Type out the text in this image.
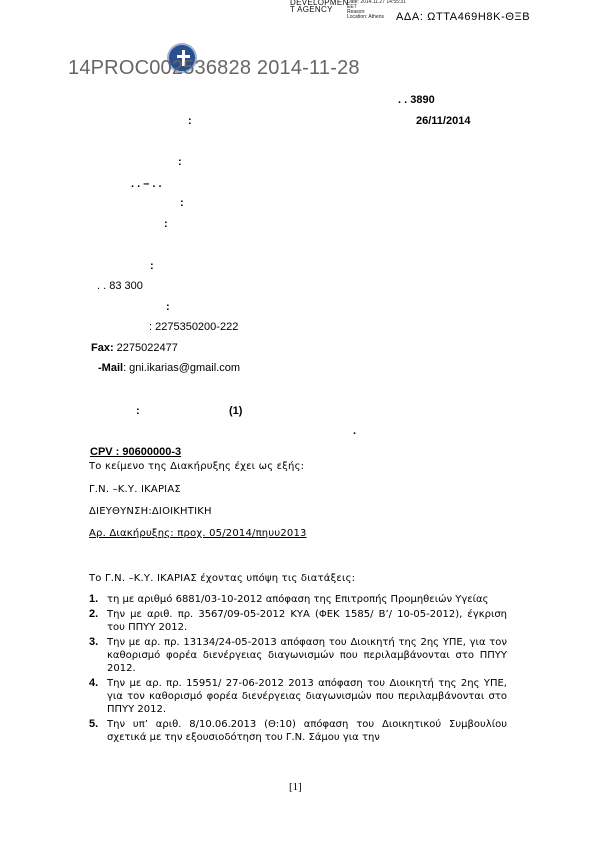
DEVELOPMEN
T AGENCY
Date: 2014.11.27 14:55:31
EET
Reason:
Location: Athens ΑΔΑ: ΩΤΤΑ469Η8Κ-ΘΞΒ
14PROC002536828 2014-11-28
. . 3890
:	26/11/2014
:
. . – . .
:
:
:
. . 83 300
:
: 2275350200-222
Fax: 2275022477
-Mail: gni.ikarias@gmail.com
:	(1)
.
CPV : 90600000-3
Το κείμενο της Διακήρυξης έχει ως εξής:
Γ.Ν. –Κ.Υ. ΙΚΑΡΙΑΣ
ΔΙΕΥΘΥΝΣΗ:ΔΙΟΙΚΗΤΙΚΗ
Αρ. Διακήρυξης: προχ. 05/2014/πηυυ2013
Το Γ.Ν. –Κ.Υ. ΙΚΑΡΙΑΣ έχοντας υπόψη τις διατάξεις:
1. τη με αριθμό 6881/03-10-2012 απόφαση της Επιτροπής Προμηθειών Υγείας
2. Την με αριθ. πρ. 3567/09-05-2012 ΚΥΑ (ΦΕΚ 1585/ Β’/ 10-05-2012), έγκριση του ΠΠΥΥ 2012.
3. Την με αρ. πρ. 13134/24-05-2013 απόφαση του Διοικητή της 2ης ΥΠΕ, για τον καθορισμό φορέα διενέργειας διαγωνισμών που περιλαμβάνονται στο ΠΠΥΥ 2012.
4. Την με αρ. πρ. 15951/ 27-06-2012 2013 απόφαση του Διοικητή της 2ης ΥΠΕ, για τον καθορισμό φορέα διενέργειας διαγωνισμών που περιλαμβάνονται στο ΠΠΥΥ 2012.
5. Την υπ’ αριθ. 8/10.06.2013 (Θ:10) απόφαση του Διοικητικού Συμβουλίου σχετικά με την εξουσιοδότηση του Γ.Ν. Σάμου για την
[1]
